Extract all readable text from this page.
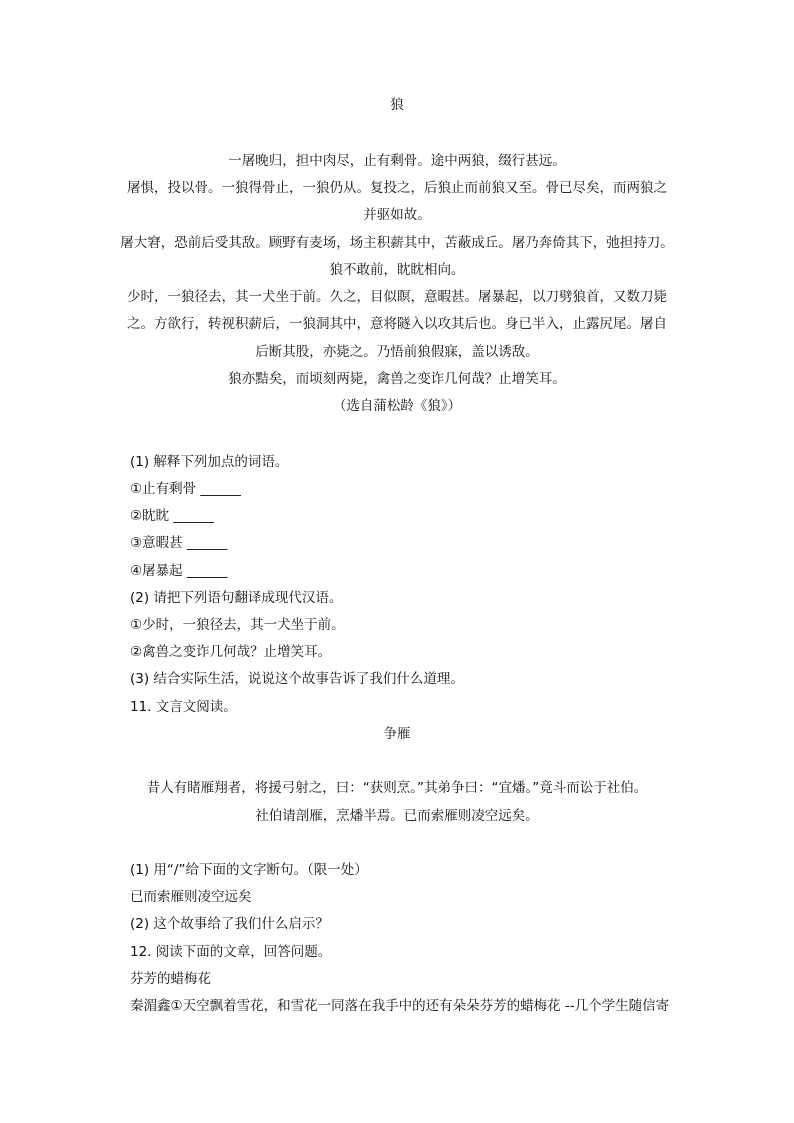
狼
一屠晚归，担中肉尽，止有剩骨。途中两狼，缀行甚远。
屠惧，投以骨。一狼得骨止，一狼仍从。复投之，后狼止而前狼又至。骨已尽矣，而两狼之
并驱如故。
屠大窘，恐前后受其敌。顾野有麦场，场主积薪其中，苫蔽成丘。屠乃奔倚其下，弛担持刀。
狼不敢前，眈眈相向。
少时，一狼径去，其一犬坐于前。久之，目似瞑，意暇甚。屠暴起，以刀劈狼首，又数刀毙
之。方欲行，转视积薪后，一狼洞其中，意将隧入以攻其后也。身已半入，止露尻尾。屠自
后断其股，亦毙之。乃悟前狼假寐，盖以诱敌。
狼亦黠矣，而顷刻两毙，禽兽之变诈几何哉？止增笑耳。
（选自蒲松龄《狼》）
(1) 解释下列加点的词语。
①止有剩骨 ______
②眈眈 ______
③意暇甚 ______
④屠暴起 ______
(2) 请把下列语句翻译成现代汉语。
①少时，一狼径去，其一犬坐于前。
②禽兽之变诈几何哉？止增笑耳。
(3) 结合实际生活，说说这个故事告诉了我们什么道理。
11. 文言文阅读。
争雁
昔人有睹雁翔者，将援弓射之，曰：“获则烹。”其弟争曰：“宜燔。”竟斗而讼于社伯。
社伯请剖雁，烹燔半焉。已而索雁则凌空远矣。
(1) 用“/”给下面的文字断句。（限一处）
已而索雁则凌空远矣
(2) 这个故事给了我们什么启示？
12. 阅读下面的文章，回答问题。
芬芳的蜡梅花
秦湄鑫①天空飘着雪花，和雪花一同落在我手中的还有朵朵芬芳的蜡梅花 --几个学生随信寄
